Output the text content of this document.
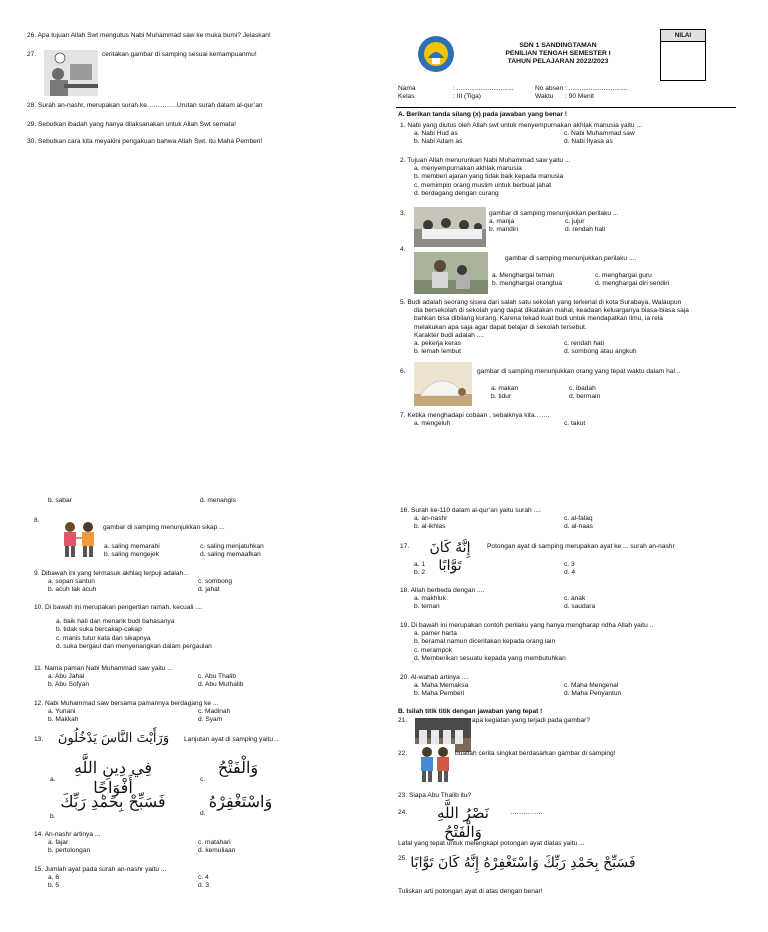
26. Apa tujuan Allah Swt mengutus Nabi Muhammad saw ke muka bumi? Jelaskan!
27.	ceritakan gambar di samping sesuai kemampuanmu!
28. Surah an-nashr, merupakan surah ke…………..Urutan surah dalam al-qur’an
29. Sebutkan ibadah yang hanya dilaksanakan untuk Allah Swt semata!
30. Sebutkan cara kita meyakini pengakuan bahwa Allah Swt. itu Maha Pemberi!
SDN 1 SANDINGTAMAN
PENILIAN TENGAH SEMESTER I
TAHUN PELAJARAN 2022/2023
NILAI
Nama	: ...............................	No absen : ................................
Kelas	: III (Tiga)	Waktu	: 90 Menit
A. Berikan tanda silang (x) pada jawaban yang benar !
1. Nabi yang diutus oleh Allah swt untuk menyempurnakan akhlak manusia yaitu ...
a. Nabi Hud as	c. Nabi Muhammad saw
b. Nabi Adam as	d. Nabi Ilyasa as
2. Tujuan Allah menurunkan Nabi Muhammad saw yaitu ...
a. menyempurnakan akhlak manusia
b. memberi ajaran yang tidak baik kepada manusia
c. memimpin orang muslim untuk berbuat jahat
d. berdagang dengan curang
3.	gambar di samping menunjukkan perilaku ...
a. manja	c. jujur
b. mandiri	d. rendah hati
4.
gambar di samping menunjukkan perilaku ....
a. Menghargai teman	c. menghargai guru
b. menghargai orangtua	d. menghargai diri sendiri
5. Budi adalah seorang siswa dari salah satu sekolah yang terkenal di kota Surabaya. Walaupun
dia bersekolah di sekolah yang dapat dikatakan mahal, keadaan keluarganya biasa-biasa saja
bahkan bisa dibilang kurang. Karena tekad kuat budi untuk mendapatkan ilmu, ia rela
melakukan apa saja agar dapat belajar di sekolah tersebut.
Karakter budi adalah ....
a. pekerja keras	c. rendah hati
b. lemah lembut	d. sombong atau angkuh
6.	gambar di samping menunjukkan orang yang tepat waktu dalam hal ..
a. makan	c. ibadah
b. tidur	d. bermain
7. Ketika menghadapi cobaan , sebaiknya kita…….
a. mengeluh	c. takut
b. sabar	d. menangis
8.
gambar di samping menunjukkan sikap ...
a. saling memarahi	c. saling menjatuhkan
b. saling mengejek	d. saling memaafkan
9. Dibawah ini yang termasuk akhlaq terpuji adalah...
a. sopan santun	c. sombong
b. acuh tak acuh	d. jahat
10. Di bawah ini merupakan pengertian ramah, kecuali ....
a. baik hati dan menarik budi bahasanya
b. tidak suka bercakap-cakap
c. manis tutur kata dan sikapnya
d. suka bergaul dan menyenangkan dalam pergaulan
11. Nama paman Nabi Muhammad saw yaitu ...
a. Abu Jahal	c. Abu Thalib
b. Abu Sofyan	d. Abu Muthalib
12. Nabi Muhammad saw bersama pamannya berdagang ke ...
a. Yunani	c. Madinah
b. Makkah	d. Syam
13.	وَرَأَيْتَ النَّاسَ يَدْخُلُونَ	Lanjutan ayat di samping yaitu ..
a.
فِي دِينِ اللَّهِ أَفْوَاجًا	c.
وَالْفَتْحُ
b.
فَسَبِّحْ بِحَمْدِ رَبِّكَ
d.
وَاسْتَغْفِرْهُ
14. An-nashr artinya ...
a. fajar	c. matahari
b. pertolongan	d. kemuliaan
15. Jumlah ayat pada surah an-nashr yaitu ...
a. 6	c. 4
b. 5	d. 3
16. Surah ke-110 dalam al-qur’an yaitu surah ....
a. an-nashr	c. al-falaq
b. al-ikhlas	d. al-naas
17.	إِنَّهُ كَانَ تَوَّابًا
Potongan ayat di samping merupakan ayat ke ... surah an-nashr
a. 1	c. 3
b. 2	d. 4
18. Allah berbeda dengan ....
a. makhluk	c. anak
b. teman	d. saudara
19. Di bawah ini merupakan contoh perilaku yang hanya mengharap ridha Allah yaitu ..
a. pamer harta
b. beramal namun diceritakan kepada orang lain
c. merampok
d. Memberikan sesuatu kepada yang membutuhkan
20. Al-wahab artinya ....
a. Maha Memaksa	c. Maha Mengenal
b. Maha Pemberi	d. Maha Penyantun
B. Isilah titik titik dengan jawaban yang tepat !
21.	apa kegiatan yang terjadi pada gambar?
22.	buatlah cerita singkat berdasarkan gambar di samping!
23. Siapa Abu Thalib itu?
24.	نَصْرُ اللَّهِ وَالْفَتْحُ
……………
Lafal yang tepat untuk melengkapi potongan ayat diatas yaitu ...
25. فَسَبِّحْ بِحَمْدِ رَبِّكَ وَاسْتَغْفِرْهُ إِنَّهُ كَانَ تَوَّابًا
Tuliskan arti potongan ayat di atas dengan benar!
